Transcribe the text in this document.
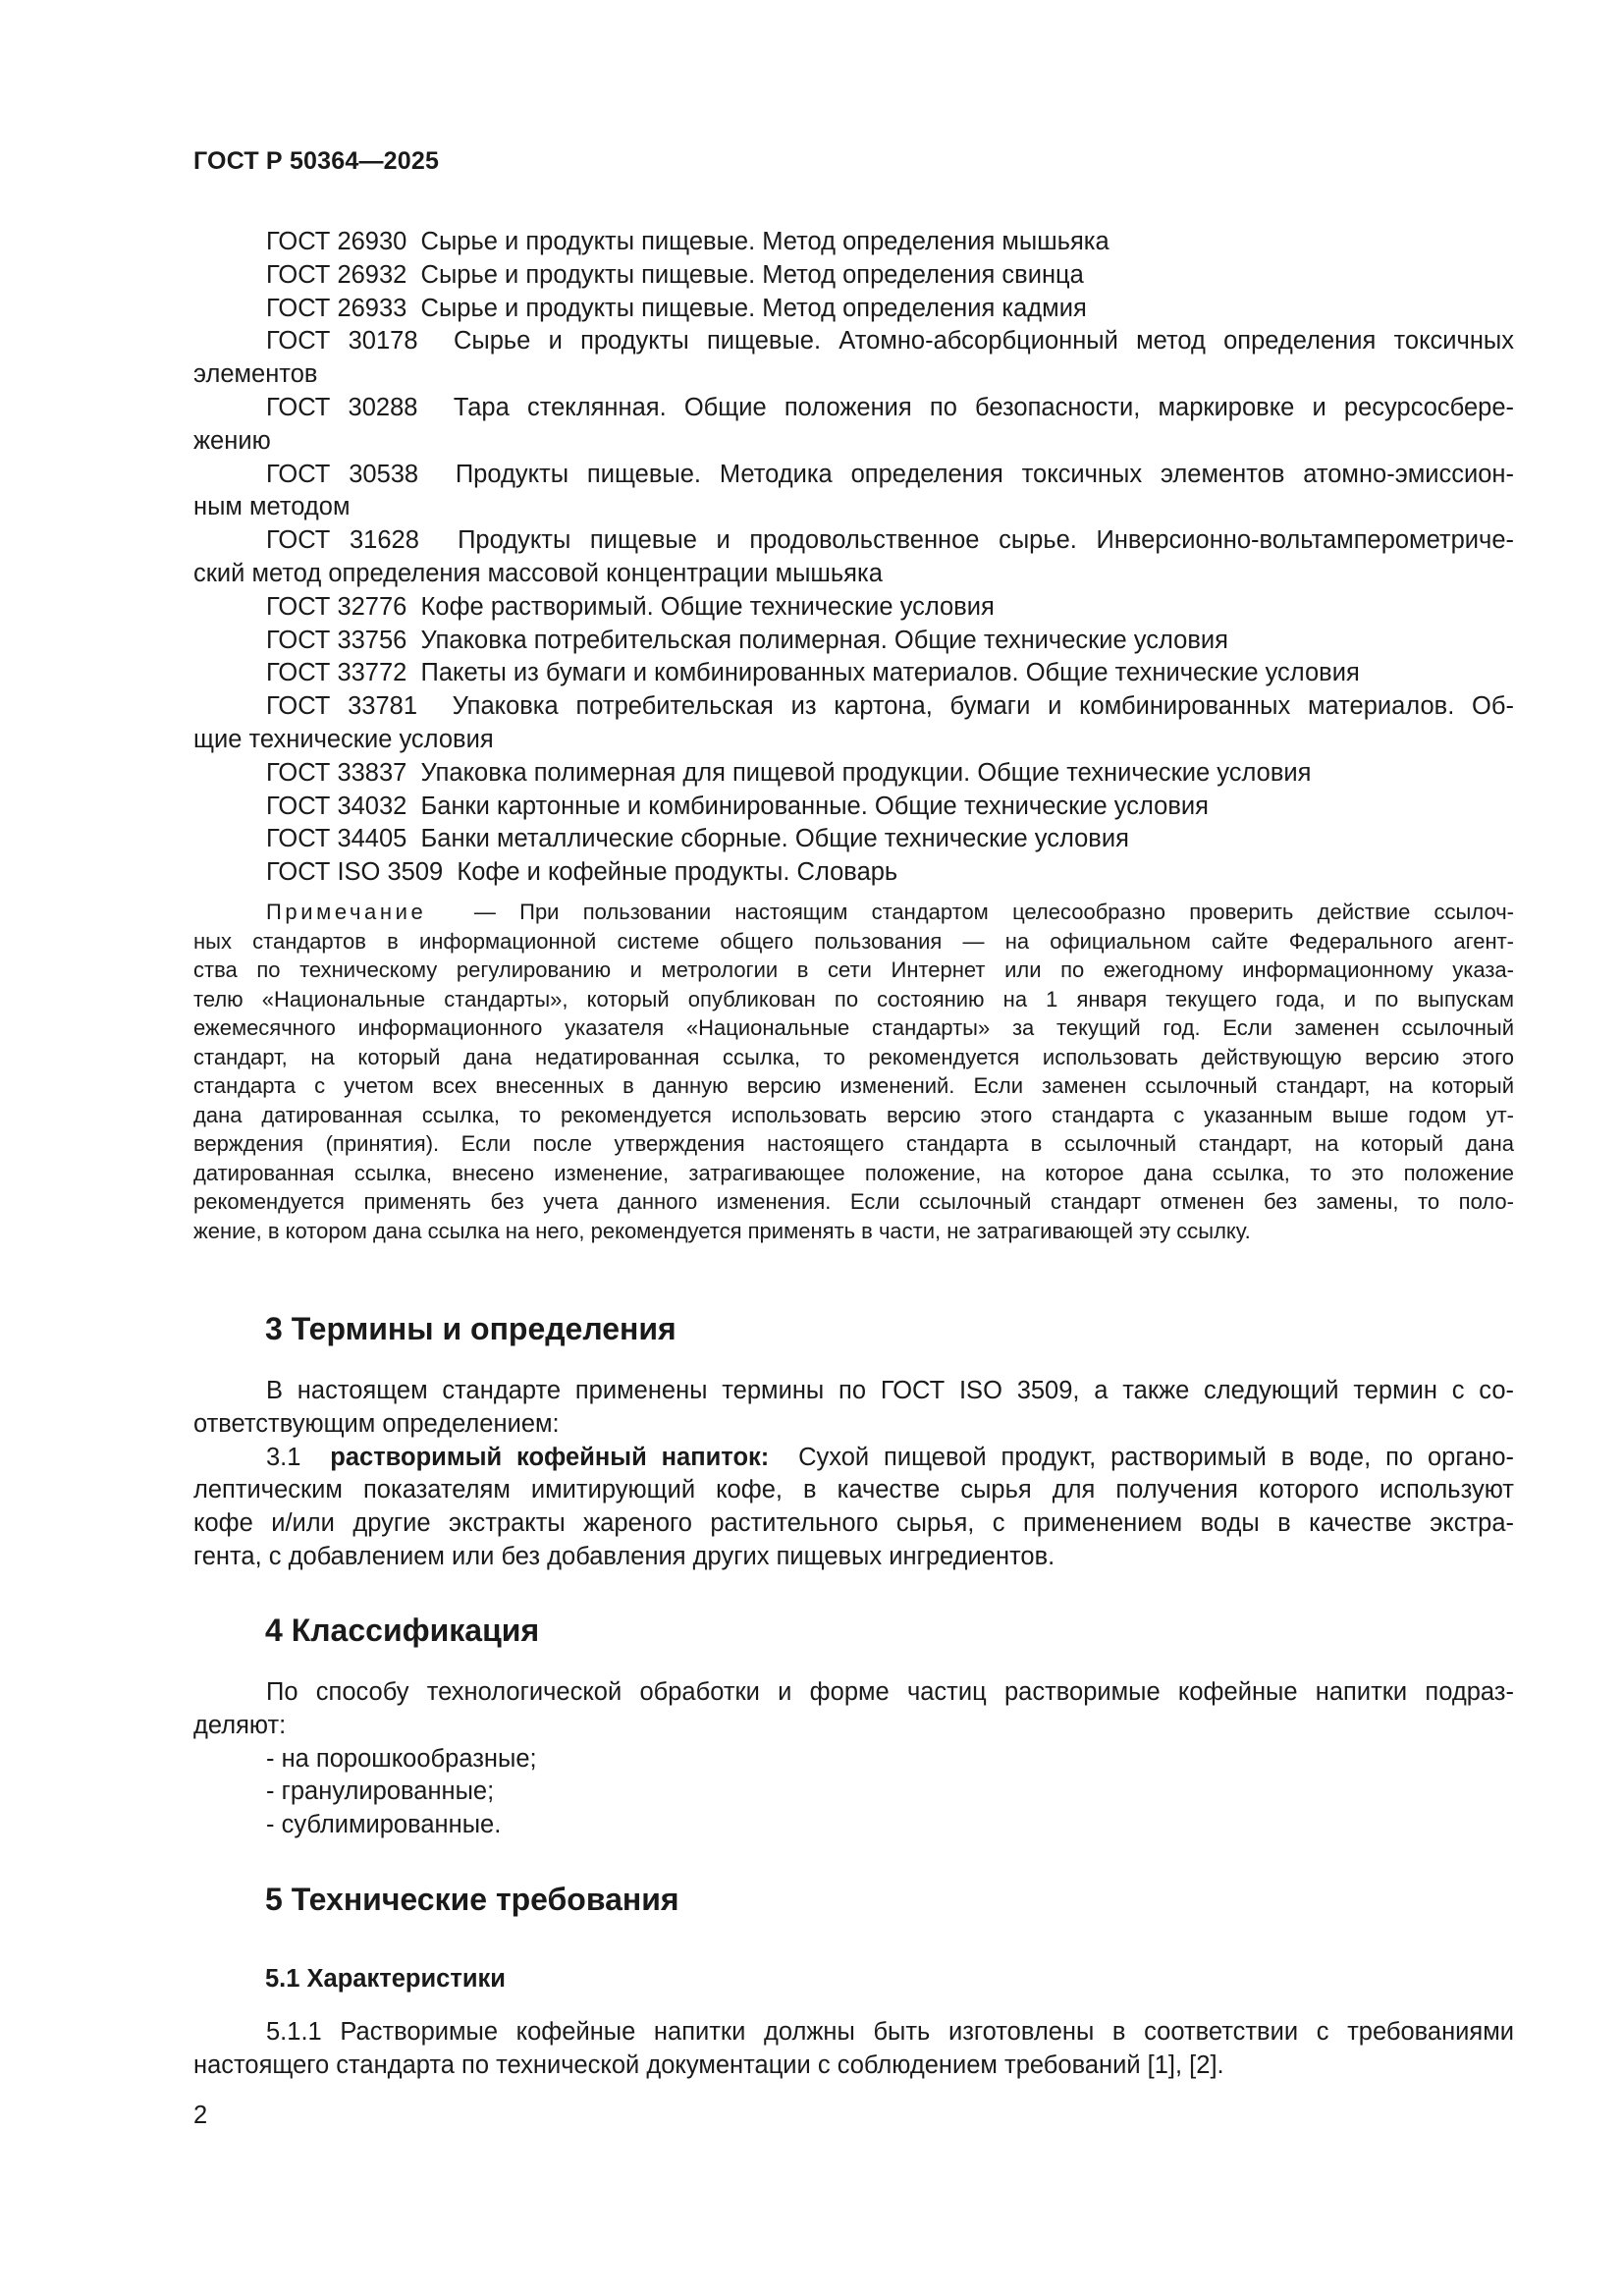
ГОСТ Р 50364—2025
ГОСТ 26930 Сырье и продукты пищевые. Метод определения мышьяка
ГОСТ 26932 Сырье и продукты пищевые. Метод определения свинца
ГОСТ 26933 Сырье и продукты пищевые. Метод определения кадмия
ГОСТ 30178 Сырье и продукты пищевые. Атомно-абсорбционный метод определения токсичных
элементов
ГОСТ 30288 Тара стеклянная. Общие положения по безопасности, маркировке и ресурсосбере-
жению
ГОСТ 30538 Продукты пищевые. Методика определения токсичных элементов атомно-эмиссион-
ным методом
ГОСТ 31628 Продукты пищевые и продовольственное сырье. Инверсионно-вольтамперометриче-
ский метод определения массовой концентрации мышьяка
ГОСТ 32776 Кофе растворимый. Общие технические условия
ГОСТ 33756 Упаковка потребительская полимерная. Общие технические условия
ГОСТ 33772 Пакеты из бумаги и комбинированных материалов. Общие технические условия
ГОСТ 33781 Упаковка потребительская из картона, бумаги и комбинированных материалов. Об-
щие технические условия
ГОСТ 33837 Упаковка полимерная для пищевой продукции. Общие технические условия
ГОСТ 34032 Банки картонные и комбинированные. Общие технические условия
ГОСТ 34405 Банки металлические сборные. Общие технические условия
ГОСТ ISO 3509 Кофе и кофейные продукты. Словарь
Примечание — При пользовании настоящим стандартом целесообразно проверить действие ссылоч-
ных стандартов в информационной системе общего пользования — на официальном сайте Федерального агент-
ства по техническому регулированию и метрологии в сети Интернет или по ежегодному информационному указа-
телю «Национальные стандарты», который опубликован по состоянию на 1 января текущего года, и по выпускам
ежемесячного информационного указателя «Национальные стандарты» за текущий год. Если заменен ссылочный
стандарт, на который дана недатированная ссылка, то рекомендуется использовать действующую версию этого
стандарта с учетом всех внесенных в данную версию изменений. Если заменен ссылочный стандарт, на который
дана датированная ссылка, то рекомендуется использовать версию этого стандарта с указанным выше годом ут-
верждения (принятия). Если после утверждения настоящего стандарта в ссылочный стандарт, на который дана
датированная ссылка, внесено изменение, затрагивающее положение, на которое дана ссылка, то это положение
рекомендуется применять без учета данного изменения. Если ссылочный стандарт отменен без замены, то поло-
жение, в котором дана ссылка на него, рекомендуется применять в части, не затрагивающей эту ссылку.
3 Термины и определения
В настоящем стандарте применены термины по ГОСТ ISO 3509, а также следующий термин с со-
ответствующим определением:
3.1 растворимый кофейный напиток: Сухой пищевой продукт, растворимый в воде, по органо-
лептическим показателям имитирующий кофе, в качестве сырья для получения которого используют
кофе и/или другие экстракты жареного растительного сырья, с применением воды в качестве экстра-
гента, с добавлением или без добавления других пищевых ингредиентов.
4 Классификация
По способу технологической обработки и форме частиц растворимые кофейные напитки подраз-
деляют:
- на порошкообразные;
- гранулированные;
- сублимированные.
5 Технические требования
5.1 Характеристики
5.1.1 Растворимые кофейные напитки должны быть изготовлены в соответствии с требованиями
настоящего стандарта по технической документации с соблюдением требований [1], [2].
2
